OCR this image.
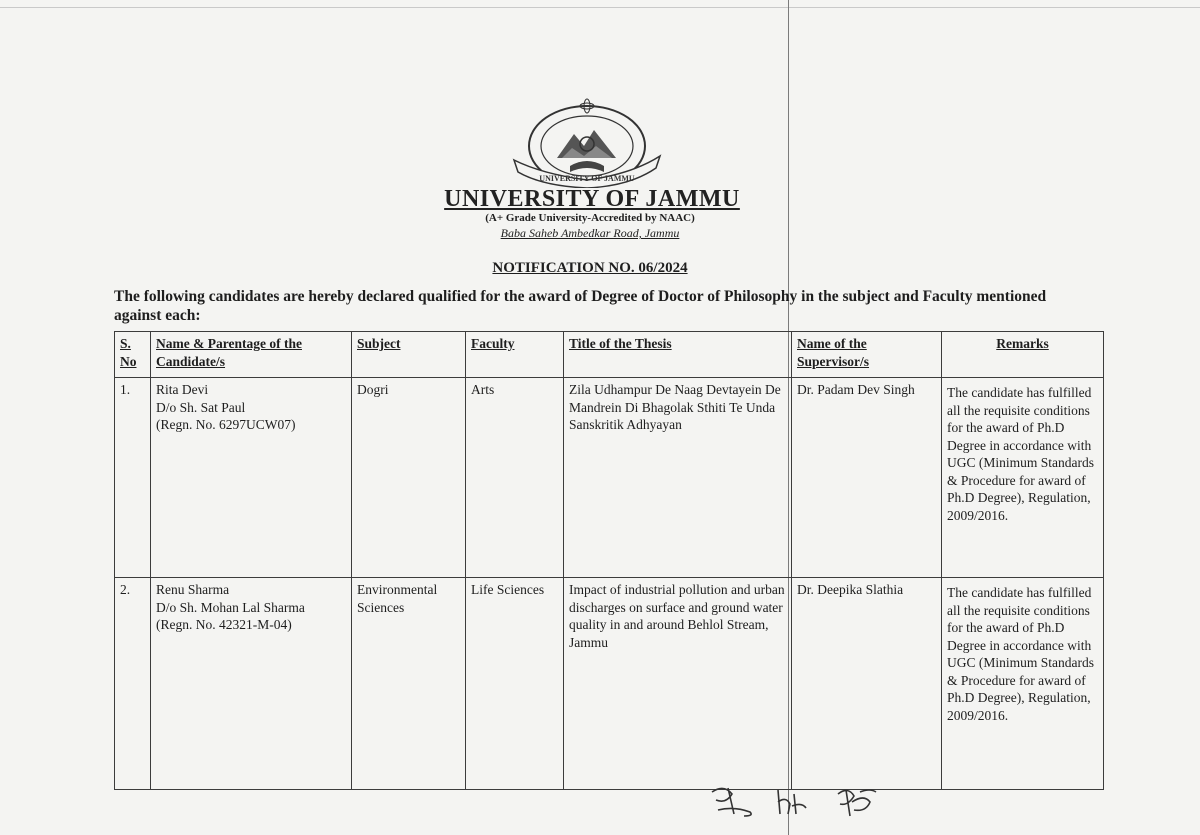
UNIVERSITY OF JAMMU
UNIVERSITY OF JAMMU
(A+ Grade University-Accredited by NAAC)
Baba Saheb Ambedkar Road, Jammu
NOTIFICATION NO. 06/2024
The following candidates are hereby declared qualified for the award of Degree of Doctor of Philosophy in the subject and Faculty mentioned against each:
S. No	Name & Parentage of the Candidate/s	Subject	Faculty	Title of the Thesis	Name of the Supervisor/s	Remarks
1.	Rita Devi
D/o Sh. Sat Paul
(Regn. No. 6297UCW07)	Dogri	Arts	Zila Udhampur De Naag Devtayein De Mandrein Di Bhagolak Sthiti Te Unda Sanskritik Adhyayan	Dr. Padam Dev Singh	The candidate has fulfilled all the requisite conditions for the award of Ph.D Degree in accordance with UGC (Minimum Standards & Procedure for award of Ph.D Degree), Regulation, 2009/2016.

2.	Renu Sharma
D/o Sh. Mohan Lal Sharma
(Regn. No. 42321-M-04)	Environmental Sciences	Life Sciences	Impact of industrial pollution and urban discharges on surface and ground water quality in and around Behlol Stream, Jammu	Dr. Deepika Slathia	The candidate has fulfilled all the requisite conditions for the award of Ph.D Degree in accordance with UGC (Minimum Standards & Procedure for award of Ph.D Degree), Regulation, 2009/2016.
